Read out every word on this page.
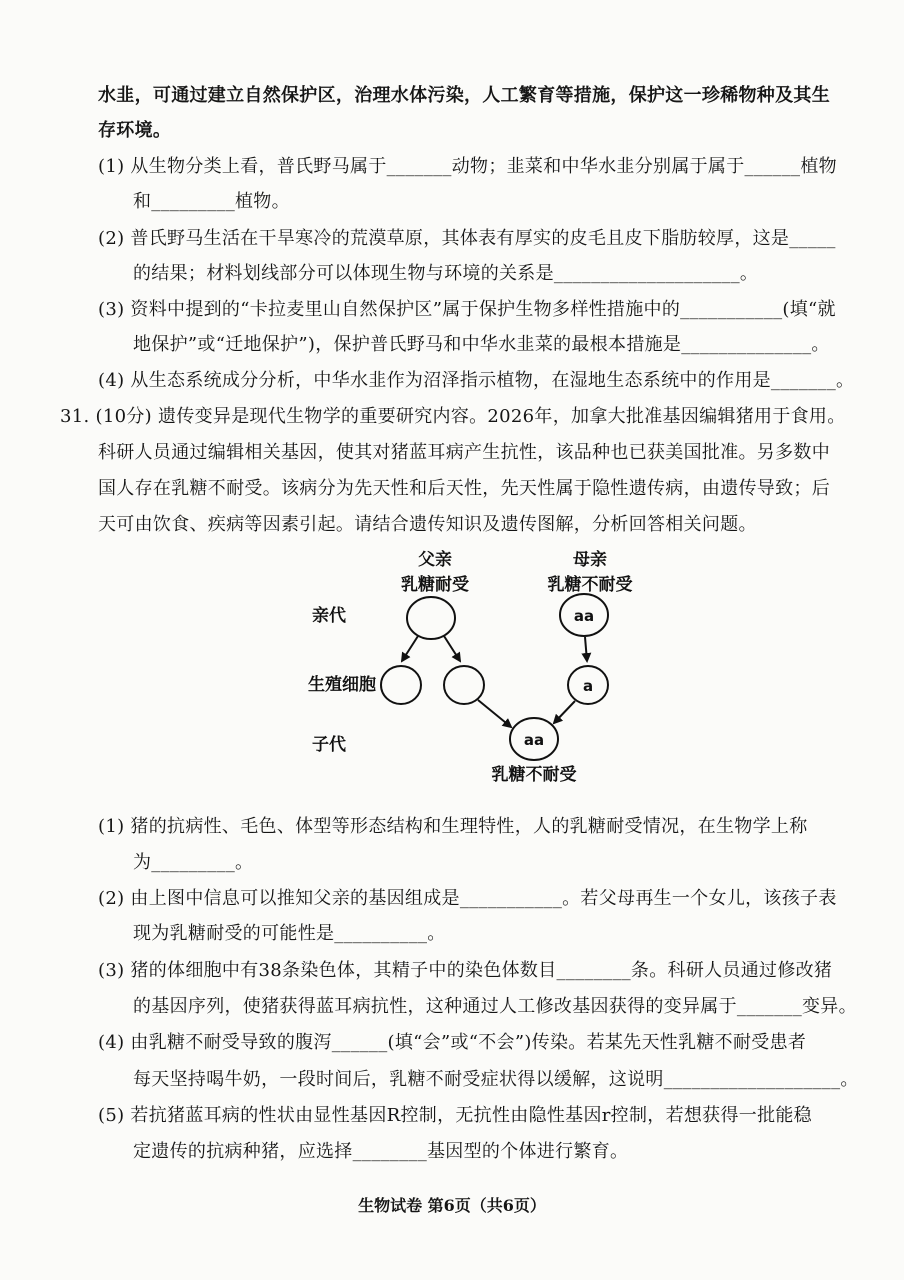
水韭，可通过建立自然保护区，治理水体污染，人工繁育等措施，保护这一珍稀物种及其生
存环境。
(1) 从生物分类上看，普氏野马属于_______动物；韭菜和中华水韭分别属于属于______植物
和_________植物。
(2) 普氏野马生活在干旱寒冷的荒漠草原，其体表有厚实的皮毛且皮下脂肪较厚，这是_____
的结果；材料划线部分可以体现生物与环境的关系是____________________。
(3) 资料中提到的“卡拉麦里山自然保护区”属于保护生物多样性措施中的___________(填“就
地保护”或“迁地保护”)，保护普氏野马和中华水韭菜的最根本措施是______________。
(4) 从生态系统成分分析，中华水韭作为沼泽指示植物，在湿地生态系统中的作用是_______。
31. (10分) 遗传变异是现代生物学的重要研究内容。2026年，加拿大批准基因编辑猪用于食用。
科研人员通过编辑相关基因，使其对猪蓝耳病产生抗性，该品种也已获美国批准。另多数中
国人存在乳糖不耐受。该病分为先天性和后天性，先天性属于隐性遗传病，由遗传导致；后
天可由饮食、疾病等因素引起。请结合遗传知识及遗传图解，分析回答相关问题。
(1) 猪的抗病性、毛色、体型等形态结构和生理特性，人的乳糖耐受情况，在生物学上称
为_________。
(2) 由上图中信息可以推知父亲的基因组成是___________。若父母再生一个女儿，该孩子表
现为乳糖耐受的可能性是__________。
(3) 猪的体细胞中有38条染色体，其精子中的染色体数目________条。科研人员通过修改猪
的基因序列，使猪获得蓝耳病抗性，这种通过人工修改基因获得的变异属于_______变异。
(4) 由乳糖不耐受导致的腹泻______(填“会”或“不会”)传染。若某先天性乳糖不耐受患者
每天坚持喝牛奶，一段时间后，乳糖不耐受症状得以缓解，这说明___________________。
(5) 若抗猪蓝耳病的性状由显性基因R控制，无抗性由隐性基因r控制，若想获得一批能稳
定遗传的抗病种猪，应选择________基因型的个体进行繁育。
父亲
乳糖耐受
母亲
乳糖不耐受
亲代
生殖细胞
子代
aa
a
aa
乳糖不耐受
生物试卷 第6页（共6页）
